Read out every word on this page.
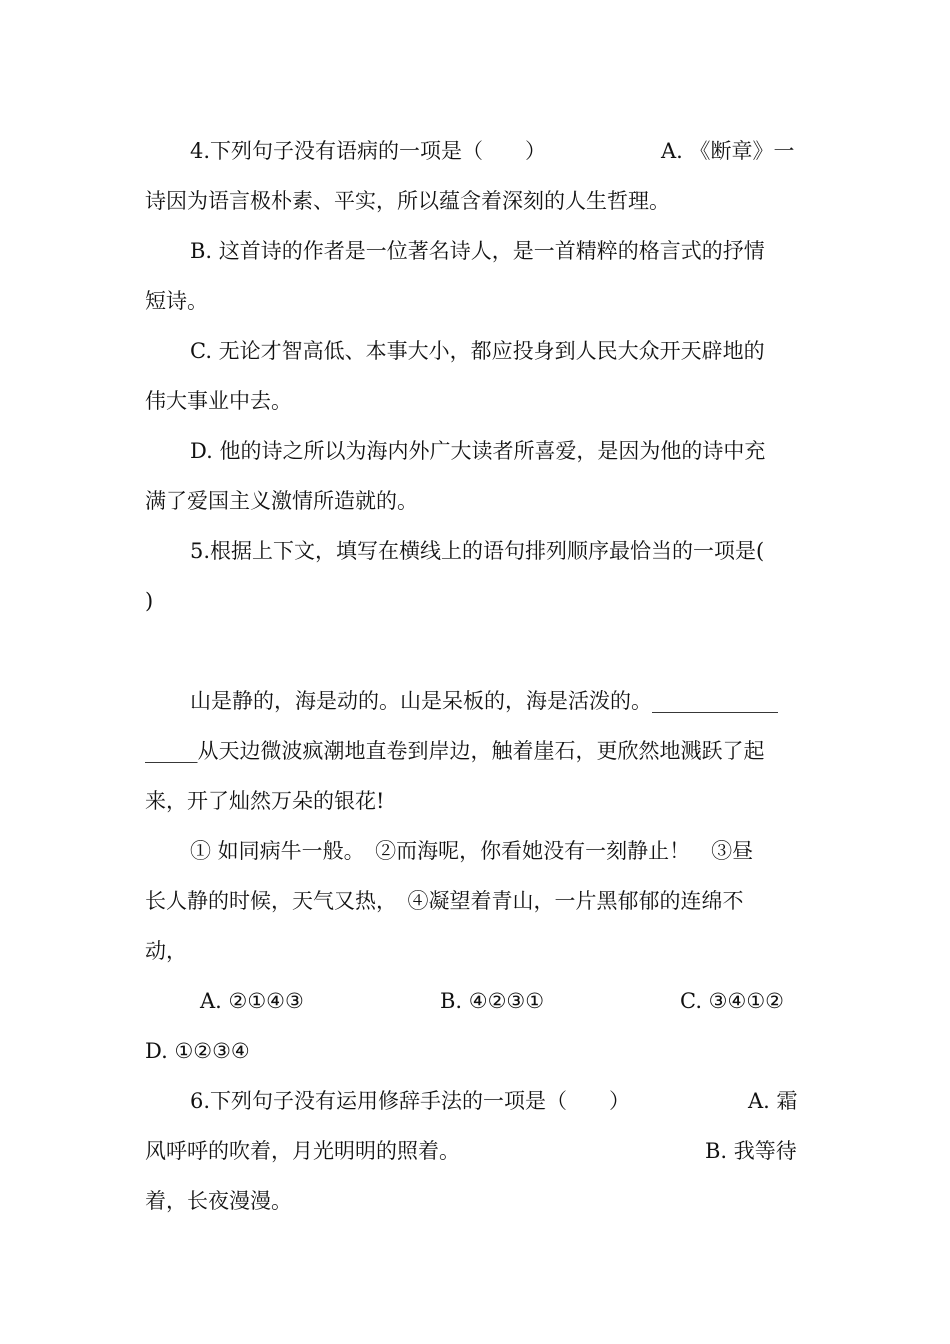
4.下列句子没有语病的一项是（　　）	A. 《断章》一
诗因为语言极朴素、平实，所以蕴含着深刻的人生哲理。
B. 这首诗的作者是一位著名诗人，是一首精粹的格言式的抒情
短诗。
C. 无论才智高低、本事大小，都应投身到人民大众开天辟地的
伟大事业中去。
D. 他的诗之所以为海内外广大读者所喜爱，是因为他的诗中充
满了爱国主义激情所造就的。
5.根据上下文，填写在横线上的语句排列顺序最恰当的一项是(
)
山是静的，海是动的。山是呆板的，海是活泼的。____________
_____从天边微波疯潮地直卷到岸边，触着崖石，更欣然地溅跃了起
来，开了灿然万朵的银花!
① 如同病牛一般。　②而海呢，你看她没有一刻静止！　③昼
长人静的时候，天气又热，　④凝望着青山，一片黑郁郁的连绵不
动，
A. ②①④③	B. ④②③①	C. ③④①②
D. ①②③④
6.下列句子没有运用修辞手法的一项是（　　）	A. 霜
风呼呼的吹着，月光明明的照着。	B. 我等待
着，长夜漫漫。
